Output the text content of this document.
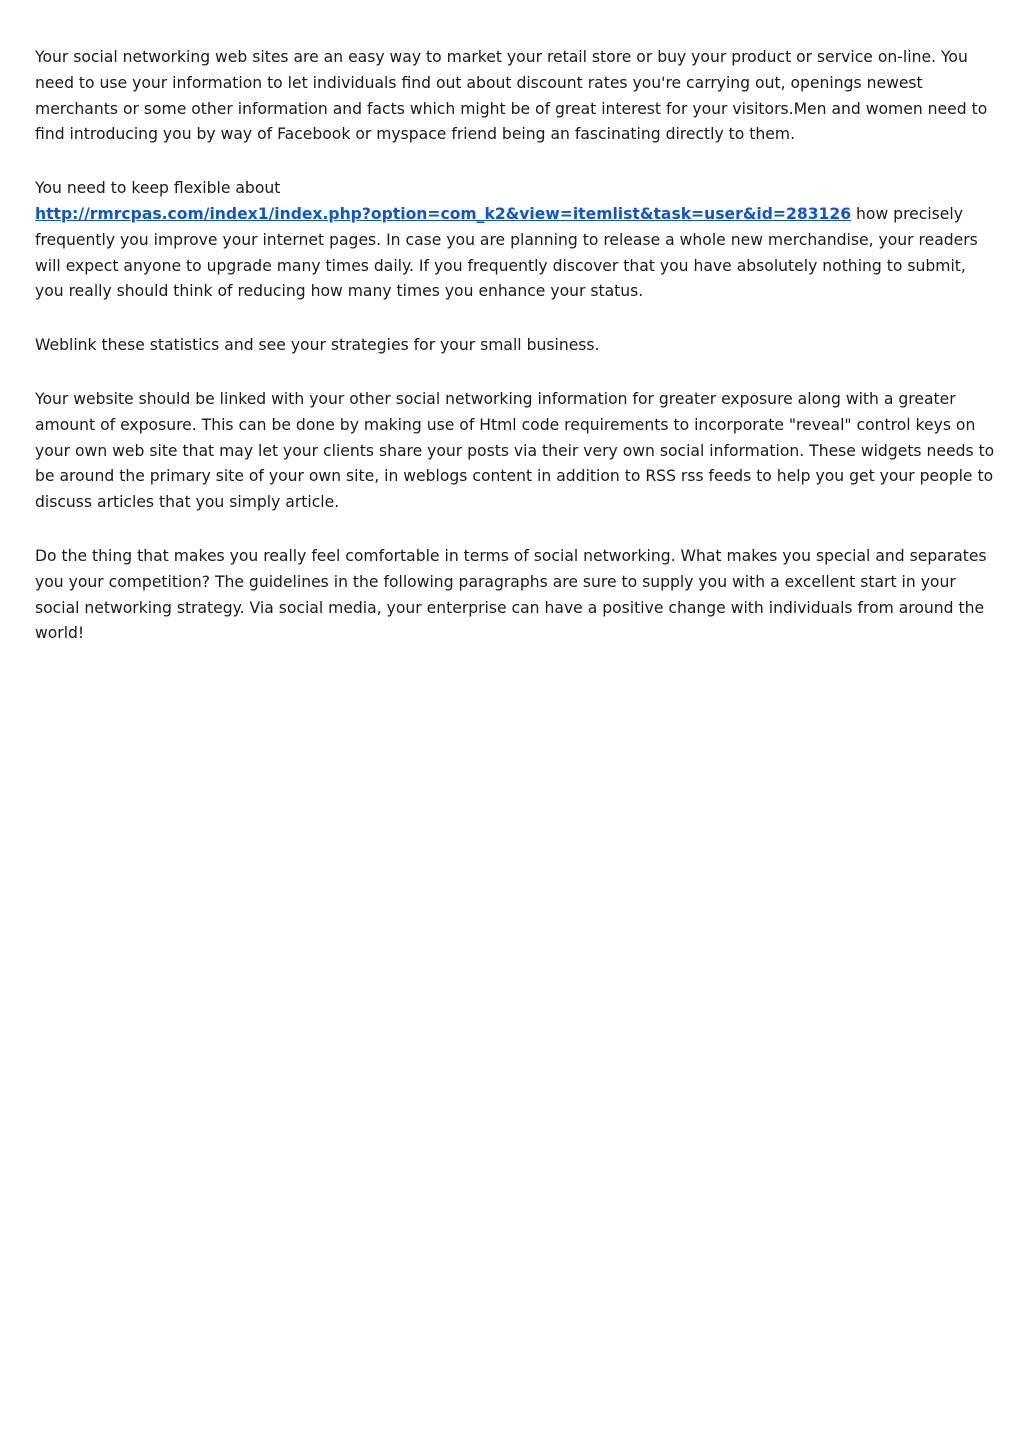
Your social networking web sites are an easy way to market your retail store or buy your product or service on-line. You need to use your information to let individuals find out about discount rates you're carrying out, openings newest merchants or some other information and facts which might be of great interest for your visitors.Men and women need to find introducing you by way of Facebook or myspace friend being an fascinating directly to them.

You need to keep flexible about
http://rmrcpas.com/index1/index.php?option=com_k2&view=itemlist&task=user&id=283126 how precisely frequently you improve your internet pages. In case you are planning to release a whole new merchandise, your readers will expect anyone to upgrade many times daily. If you frequently discover that you have absolutely nothing to submit, you really should think of reducing how many times you enhance your status.

Weblink these statistics and see your strategies for your small business.

Your website should be linked with your other social networking information for greater exposure along with a greater amount of exposure. This can be done by making use of Html code requirements to incorporate "reveal" control keys on your own web site that may let your clients share your posts via their very own social information. These widgets needs to be around the primary site of your own site, in weblogs content in addition to RSS rss feeds to help you get your people to discuss articles that you simply article.

Do the thing that makes you really feel comfortable in terms of social networking. What makes you special and separates you your competition? The guidelines in the following paragraphs are sure to supply you with a excellent start in your social networking strategy. Via social media, your enterprise can have a positive change with individuals from around the world!
